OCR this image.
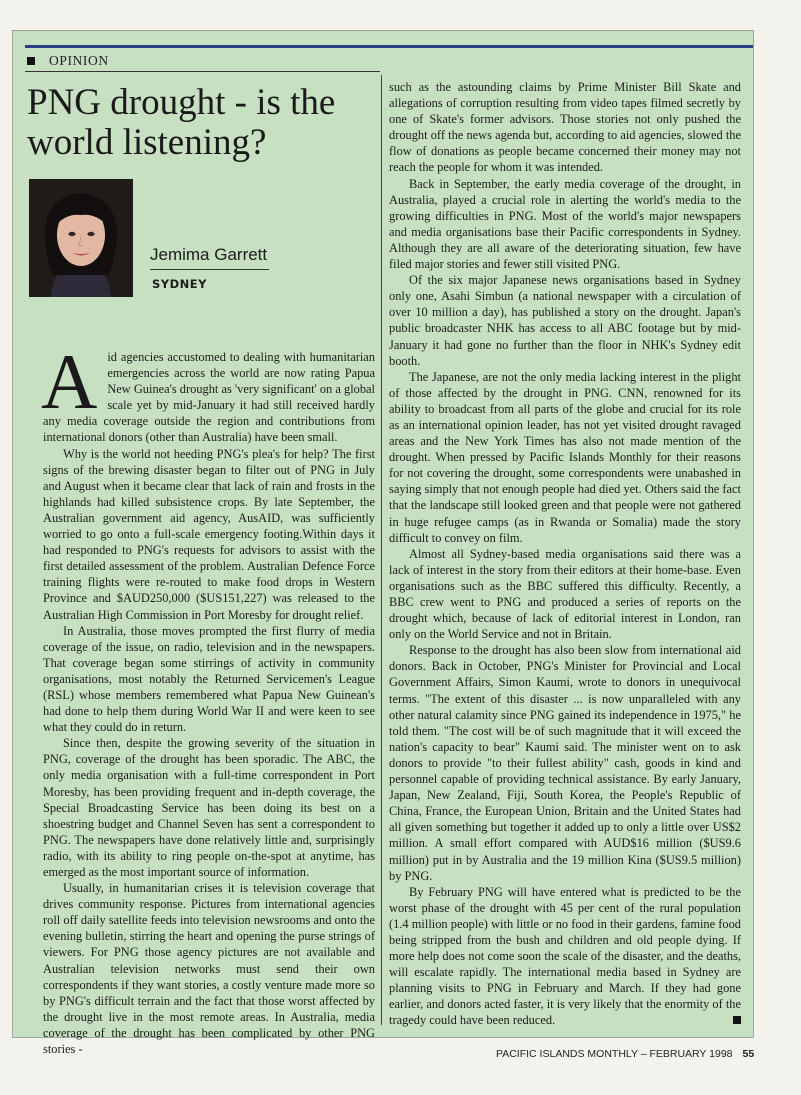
OPINION
PNG drought - is the world listening?
Jemima Garrett
SYDNEY

Aid agencies accustomed to dealing with humanitarian emergencies across the world are now rating Papua New Guinea's drought as 'very significant' on a global scale yet by mid-January it had still received hardly any media coverage outside the region and contributions from international donors (other than Australia) have been small.

Why is the world not heeding PNG's plea's for help? The first signs of the brewing disaster began to filter out of PNG in July and August when it became clear that lack of rain and frosts in the highlands had killed subsistence crops. By late September, the Australian government aid agency, AusAID, was sufficiently worried to go onto a full-scale emergency footing.Within days it had responded to PNG's requests for advisors to assist with the first detailed assessment of the problem. Australian Defence Force training flights were re-routed to make food drops in Western Province and $AUD250,000 ($US151,227) was released to the Australian High Commission in Port Moresby for drought relief.

In Australia, those moves prompted the first flurry of media coverage of the issue, on radio, television and in the newspapers. That coverage began some stirrings of activity in community organisations, most notably the Returned Servicemen's League (RSL) whose members remembered what Papua New Guinean's had done to help them during World War II and were keen to see what they could do in return.

Since then, despite the growing severity of the situation in PNG, coverage of the drought has been sporadic. The ABC, the only media organisation with a full-time correspondent in Port Moresby, has been providing frequent and in-depth coverage, the Special Broadcasting Service has been doing its best on a shoestring budget and Channel Seven has sent a correspondent to PNG. The newspapers have done relatively little and, surprisingly radio, with its ability to ring people on-the-spot at anytime, has emerged as the most important source of information.

Usually, in humanitarian crises it is television coverage that drives community response. Pictures from international agencies roll off daily satellite feeds into television newsrooms and onto the evening bulletin, stirring the heart and opening the purse strings of viewers. For PNG those agency pictures are not available and Australian television networks must send their own correspondents if they want stories, a costly venture made more so by PNG's difficult terrain and the fact that those worst affected by the drought live in the most remote areas. In Australia, media coverage of the drought has been complicated by other PNG stories -

such as the astounding claims by Prime Minister Bill Skate and allegations of corruption resulting from video tapes filmed secretly by one of Skate's former advisors. Those stories not only pushed the drought off the news agenda but, according to aid agencies, slowed the flow of donations as people became concerned their money may not reach the people for whom it was intended.

Back in September, the early media coverage of the drought, in Australia, played a crucial role in alerting the world's media to the growing difficulties in PNG. Most of the world's major newspapers and media organisations base their Pacific correspondents in Sydney. Although they are all aware of the deteriorating situation, few have filed major stories and fewer still visited PNG.

Of the six major Japanese news organisations based in Sydney only one, Asahi Simbun (a national newspaper with a circulation of over 10 million a day), has published a story on the drought. Japan's public broadcaster NHK has access to all ABC footage but by mid-January it had gone no further than the floor in NHK's Sydney edit booth.

The Japanese, are not the only media lacking interest in the plight of those affected by the drought in PNG. CNN, renowned for its ability to broadcast from all parts of the globe and crucial for its role as an international opinion leader, has not yet visited drought ravaged areas and the New York Times has also not made mention of the drought. When pressed by Pacific Islands Monthly for their reasons for not covering the drought, some correspondents were unabashed in saying simply that not enough people had died yet. Others said the fact that the landscape still looked green and that people were not gathered in huge refugee camps (as in Rwanda or Somalia) made the story difficult to convey on film.

Almost all Sydney-based media organisations said there was a lack of interest in the story from their editors at their home-base. Even organisations such as the BBC suffered this difficulty. Recently, a BBC crew went to PNG and produced a series of reports on the drought which, because of lack of editorial interest in London, ran only on the World Service and not in Britain.

Response to the drought has also been slow from international aid donors. Back in October, PNG's Minister for Provincial and Local Government Affairs, Simon Kaumi, wrote to donors in unequivocal terms. "The extent of this disaster ... is now unparalleled with any other natural calamity since PNG gained its independence in 1975," he told them. "The cost will be of such magnitude that it will exceed the nation's capacity to bear" Kaumi said. The minister went on to ask donors to provide "to their fullest ability" cash, goods in kind and personnel capable of providing technical assistance. By early January, Japan, New Zealand, Fiji, South Korea, the People's Republic of China, France, the European Union, Britain and the United States had all given something but together it added up to only a little over US$2 million. A small effort compared with AUD$16 million ($US9.6 million) put in by Australia and the 19 million Kina ($US9.5 million) by PNG.

By February PNG will have entered what is predicted to be the worst phase of the drought with 45 per cent of the rural population (1.4 million people) with little or no food in their gardens, famine food being stripped from the bush and children and old people dying. If more help does not come soon the scale of the disaster, and the deaths, will escalate rapidly. The international media based in Sydney are planning visits to PNG in February and March. If they had gone earlier, and donors acted faster, it is very likely that the enormity of the tragedy could have been reduced.

PACIFIC ISLANDS MONTHLY – FEBRUARY 1998 55
